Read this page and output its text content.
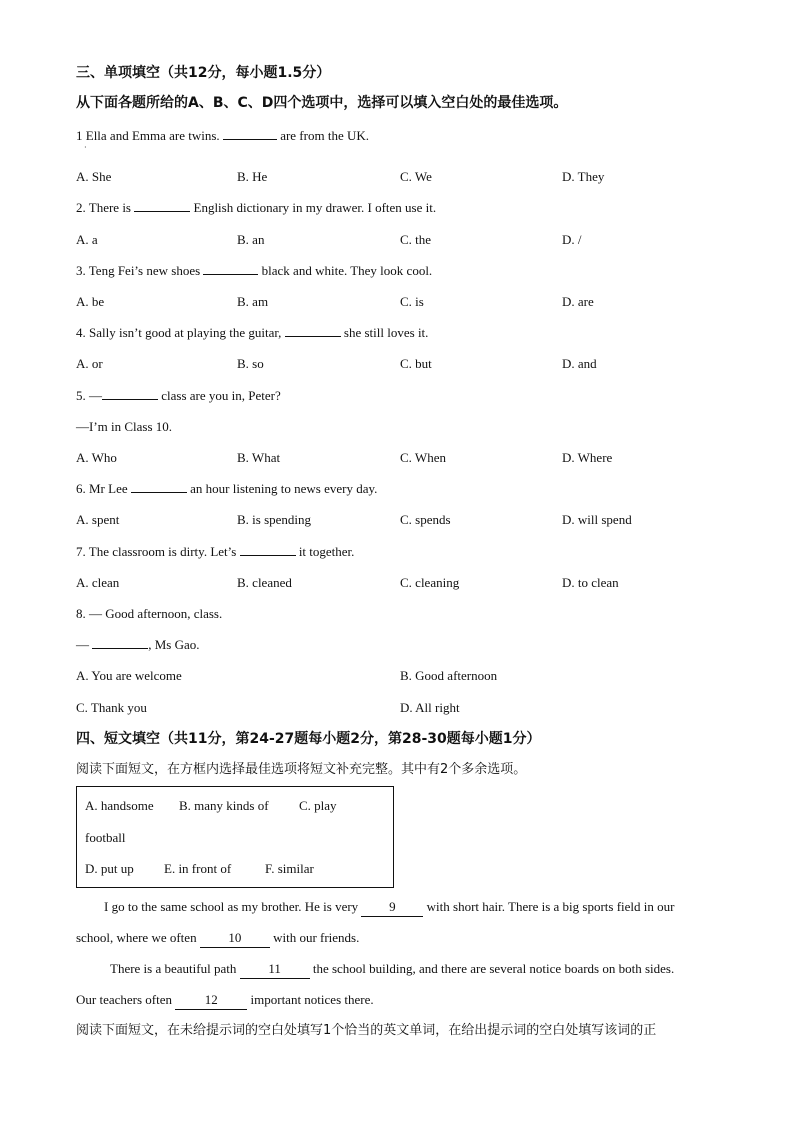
三、单项填空（共12分，每小题1.5分）
从下面各题所给的A、B、C、D四个选项中，选择可以填入空白处的最佳选项。
1 Ella and Emma are twins.	are from the UK.
·
A. She	B. He	C. We	D. They
2. There is	English dictionary in my drawer. I often use it.
A. a	B. an	C. the	D. /
3. Teng Fei’s new shoes	black and white. They look cool.
A. be	B. am	C. is	D. are
4. Sally isn’t good at playing the guitar,	she still loves it.
A. or	B. so	C. but	D. and
5. —	class are you in, Peter?
—I’m in Class 10.
A. Who	B. What	C. When	D. Where
6. Mr Lee	an hour listening to news every day.
A. spent	B. is spending	C. spends	D. will spend
7. The classroom is dirty. Let’s	it together.
A. clean	B. cleaned	C. cleaning	D. to clean
8. — Good afternoon, class.
—	, Ms Gao.
A. You are welcome	B. Good afternoon
C. Thank you	D. All right
四、短文填空（共11分，第24-27题每小题2分，第28-30题每小题1分）
阅读下面短文，在方框内选择最佳选项将短文补充完整。其中有2个多余选项。
A. handsome B. many kinds of C. play
football
D. put up E. in front of	F. similar
I go to the same school as my brother. He is very 9 with short hair. There is a big sports field in our
school, where we often 10 with our friends.
There is a beautiful path 11 the school building, and there are several notice boards on both sides.
Our teachers often 12 important notices there.
阅读下面短文，在未给提示词的空白处填写1个恰当的英文单词，在给出提示词的空白处填写该词的正
